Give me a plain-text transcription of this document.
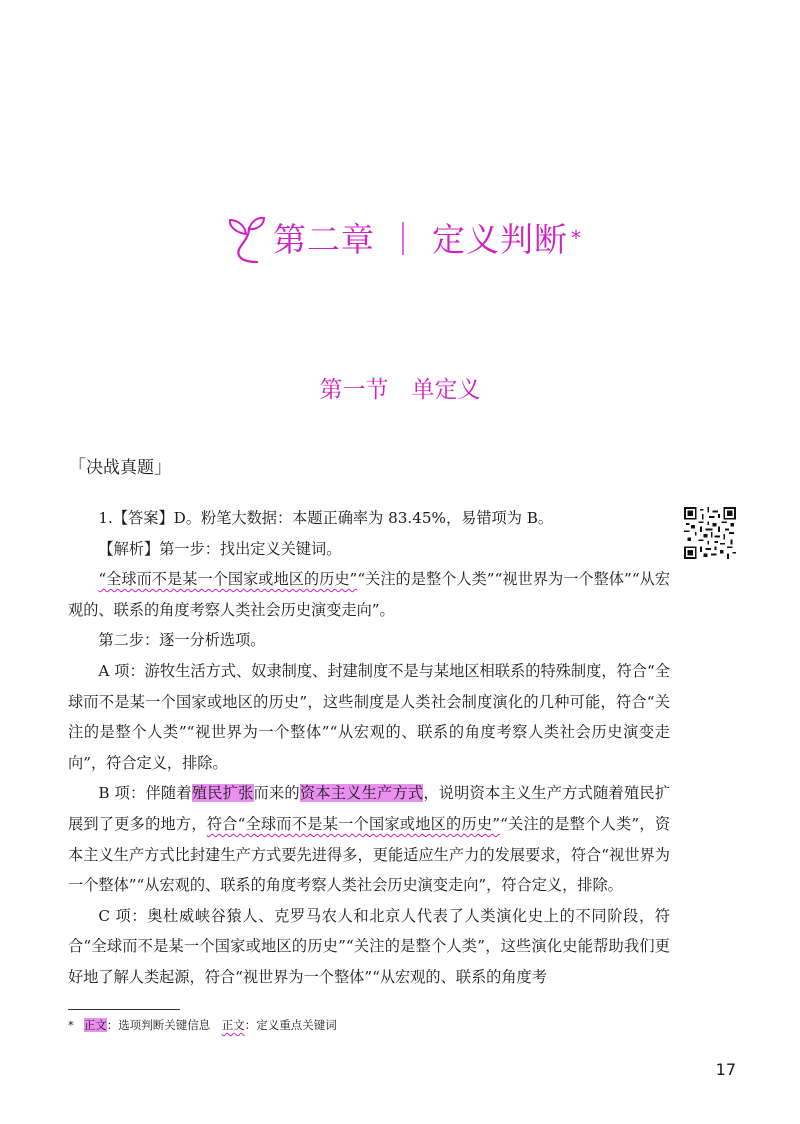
第二章 ｜ 定义判断 *
第一节　单定义
「决战真题」

1.【答案】D。粉笔大数据：本题正确率为 83.45%，易错项为 B。

【解析】第一步：找出定义关键词。

“全球而不是某一个国家或地区的历史”“关注的是整个人类”“视世界为一个整体”“从宏观的、联系的角度考察人类社会历史演变走向”。

第二步：逐一分析选项。

A 项：游牧生活方式、奴隶制度、封建制度不是与某地区相联系的特殊制度，符合“全球而不是某一个国家或地区的历史”，这些制度是人类社会制度演化的几种可能，符合“关注的是整个人类”“视世界为一个整体”“从宏观的、联系的角度考察人类社会历史演变走向”，符合定义，排除。

B 项：伴随着殖民扩张而来的资本主义生产方式，说明资本主义生产方式随着殖民扩展到了更多的地方，符合“全球而不是某一个国家或地区的历史”“关注的是整个人类”，资本主义生产方式比封建生产方式要先进得多，更能适应生产力的发展要求，符合“视世界为一个整体”“从宏观的、联系的角度考察人类社会历史演变走向”，符合定义，排除。

C 项：奥杜威峡谷猿人、克罗马农人和北京人代表了人类演化史上的不同阶段，符合“全球而不是某一个国家或地区的历史”“关注的是整个人类”，这些演化史能帮助我们更好地了解人类起源，符合“视世界为一个整体”“从宏观的、联系的角度考

* 正文：选项判断关键信息　正文：定义重点关键词
17
